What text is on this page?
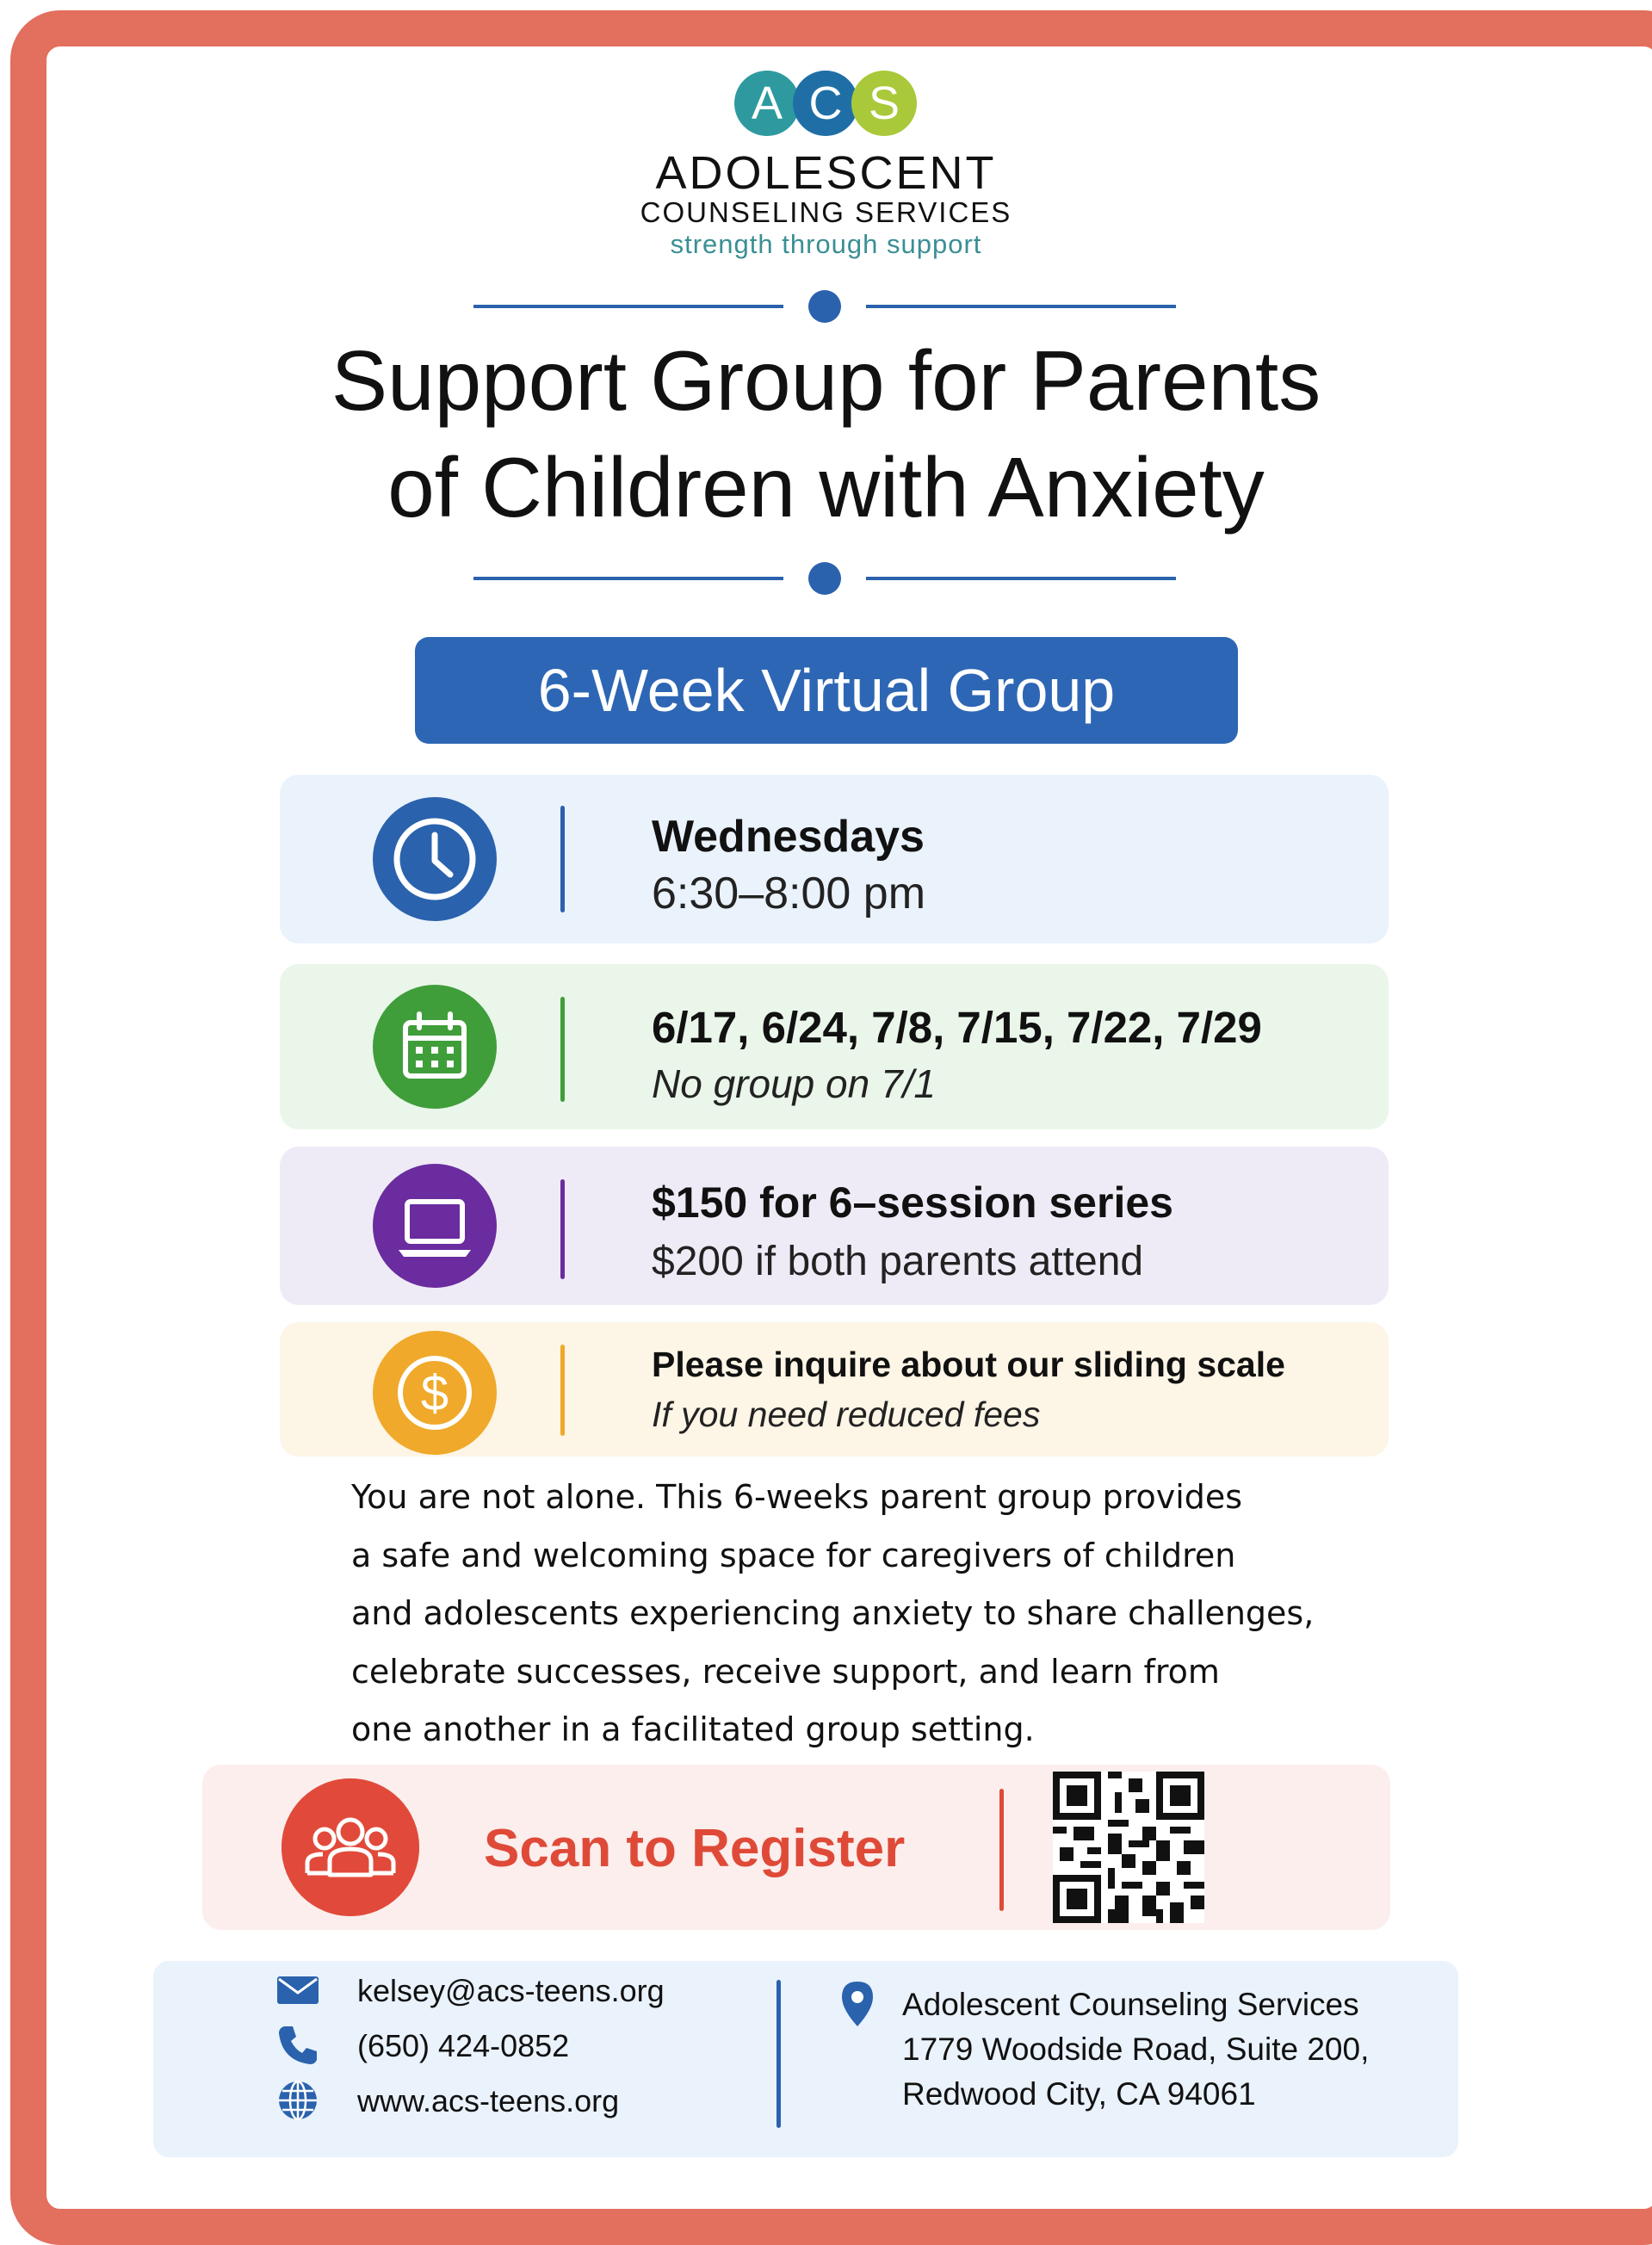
A C S
ADOLESCENT
COUNSELING SERVICES
strength through support
Support Group for Parents
of Children with Anxiety
6-Week Virtual Group
Wednesdays
6:30–8:00 pm
6/17, 6/24, 7/8, 7/15, 7/22, 7/29
No group on 7/1
$150 for 6–session series
$200 if both parents attend
$
Please inquire about our sliding scale
If you need reduced fees
You are not alone. This 6-weeks parent group provides
a safe and welcoming space for caregivers of children
and adolescents experiencing anxiety to share challenges,
celebrate successes, receive support, and learn from
one another in a facilitated group setting.
Scan to Register
kelsey@acs-teens.org
(650) 424-0852
www.acs-teens.org
Adolescent Counseling Services
1779 Woodside Road, Suite 200,
Redwood City, CA 94061
